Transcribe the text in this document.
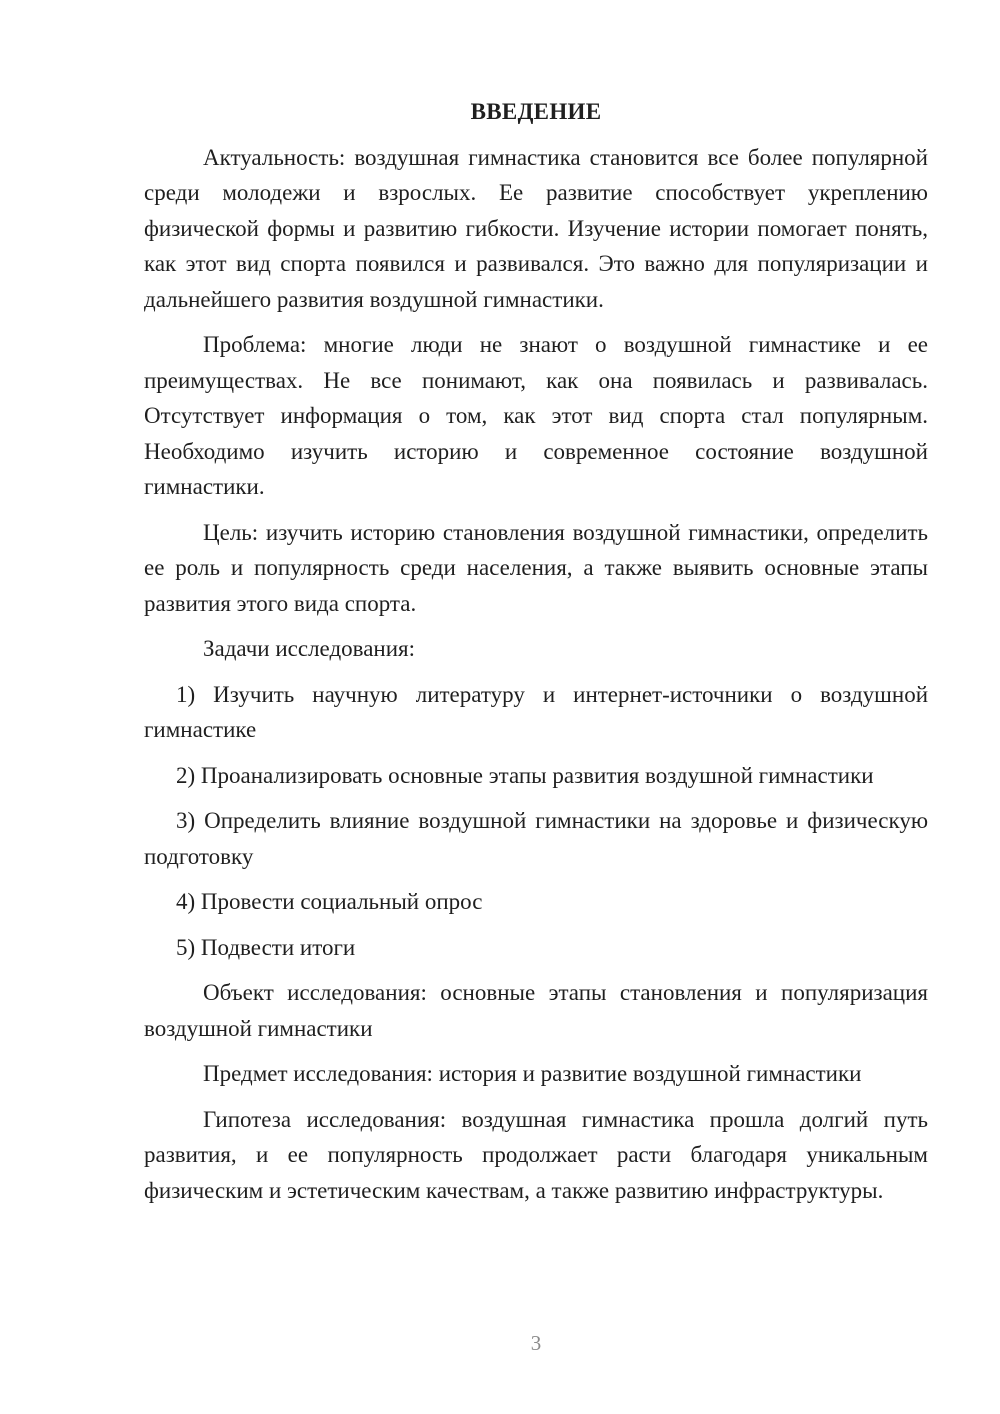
ВВЕДЕНИЕ
Актуальность: воздушная гимнастика становится все более популярной среди молодежи и взрослых. Ее развитие способствует укреплению физической формы и развитию гибкости. Изучение истории помогает понять, как этот вид спорта появился и развивался. Это важно для популяризации и дальнейшего развития воздушной гимнастики.
Проблема: многие люди не знают о воздушной гимнастике и ее преимуществах. Не все понимают, как она появилась и развивалась. Отсутствует информация о том, как этот вид спорта стал популярным. Необходимо изучить историю и современное состояние воздушной гимнастики.
Цель: изучить историю становления воздушной гимнастики, определить ее роль и популярность среди населения, а также выявить основные этапы развития этого вида спорта.
Задачи исследования:
1) Изучить научную литературу и интернет-источники о воздушной гимнастике
2) Проанализировать основные этапы развития воздушной гимнастики
3) Определить влияние воздушной гимнастики на здоровье и физическую подготовку
4) Провести социальный опрос
5) Подвести итоги
Объект исследования: основные этапы становления и популяризация воздушной гимнастики
Предмет исследования: история и развитие воздушной гимнастики
Гипотеза исследования: воздушная гимнастика прошла долгий путь развития, и ее популярность продолжает расти благодаря уникальным физическим и эстетическим качествам, а также развитию инфраструктуры.
3
